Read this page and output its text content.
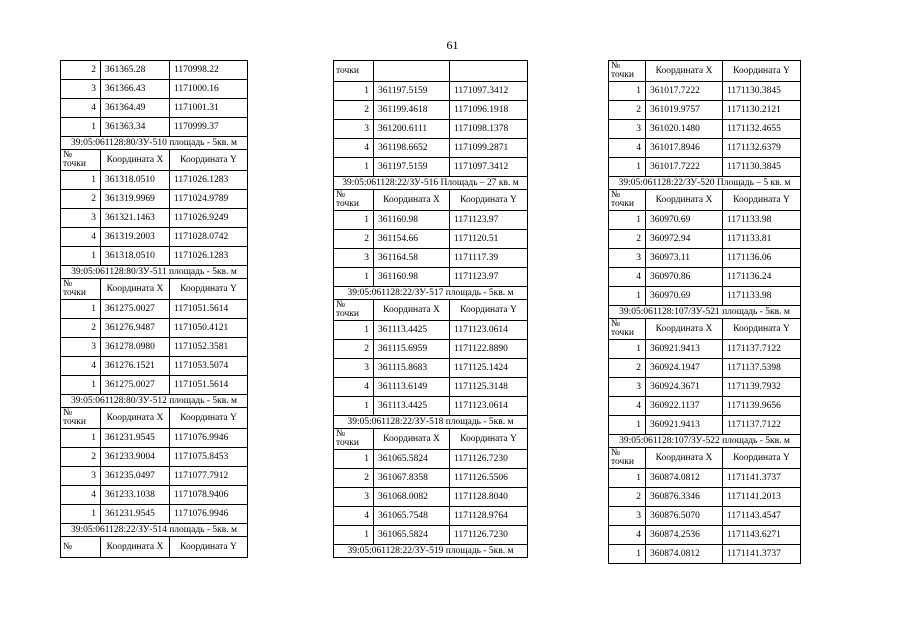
61
2	361365.28	1170998.22
3	361366.43	1171000.16
4	361364.49	1171001.31
1	361363.34	1170999.37
39:05:061128:80/ЗУ-510 площадь - 5кв. м		

№
точки	Координата X	Координата Y
1	361318.0510	1171026.1283
2	361319.9969	1171024.9789
3	361321.1463	1171026.9249
4	361319.2003	1171028.0742
1	361318.0510	1171026.1283
39:05:061128:80/ЗУ-511 площадь - 5кв. м		

№
точки	Координата X	Координата Y
1	361275.0027	1171051.5614
2	361276.9487	1171050.4121
3	361278.0980	1171052.3581
4	361276.1521	1171053.5074
1	361275.0027	1171051.5614
39:05:061128:80/ЗУ-512 площадь - 5кв. м		

№
точки	Координата X	Координата Y
1	361231.9545	1171076.9946
2	361233.9004	1171075.8453
3	361235.0497	1171077.7912
4	361233.1038	1171078.9406
1	361231.9545	1171076.9946
39:05:061128:22/ЗУ-514 площадь - 5кв. м		
№	Координата X	Координата Y
точки		
1	361197.5159	1171097.3412
2	361199.4618	1171096.1918
3	361200.6111	1171098.1378
4	361198.6652	1171099.2871
1	361197.5159	1171097.3412
39:05:061128:22/ЗУ-516 Площадь – 27 кв. м		

№
точки	Координата X	Координата Y
1	361160.98	1171123.97
2	361154.66	1171120.51
3	361164.58	1171117.39
1	361160.98	1171123.97
39:05:061128:22/ЗУ-517 площадь - 5кв. м		

№
точки	Координата X	Координата Y
1	361113.4425	1171123.0614
2	361115.6959	1171122.8890
3	361115.8683	1171125.1424
4	361113.6149	1171125.3148
1	361113.4425	1171123.0614
39:05:061128:22/ЗУ-518 площадь - 5кв. м		

№
точки	Координата X	Координата Y
1	361065.5824	1171126.7230
2	361067.8358	1171126.5506
3	361068.0082	1171128.8040
4	361065.7548	1171128.9764
1	361065.5824	1171126.7230
39:05:061128:22/ЗУ-519 площадь - 5кв. м		
№
точки	Координата X	Координата Y
1	361017.7222	1171130.3845
2	361019.9757	1171130.2121
3	361020.1480	1171132.4655
4	361017.8946	1171132.6379
1	361017.7222	1171130.3845
39:05:061128:22/ЗУ-520 Площадь – 5 кв. м		

№
точки	Координата X	Координата Y
1	360970.69	1171133.98
2	360972.94	1171133.81
3	360973.11	1171136.06
4	360970.86	1171136.24
1	360970.69	1171133.98
39:05:061128:107/ЗУ-521 площадь - 5кв. м		

№
точки	Координата X	Координата Y
1	360921.9413	1171137.7122
2	360924.1947	1171137.5398
3	360924.3671	1171139.7932
4	360922.1137	1171139.9656
1	360921.9413	1171137.7122
39:05:061128:107/ЗУ-522 площадь - 5кв. м		

№
точки	Координата X	Координата Y
1	360874.0812	1171141.3737
2	360876.3346	1171141.2013
3	360876.5070	1171143.4547
4	360874.2536	1171143.6271
1	360874.0812	1171141.3737
